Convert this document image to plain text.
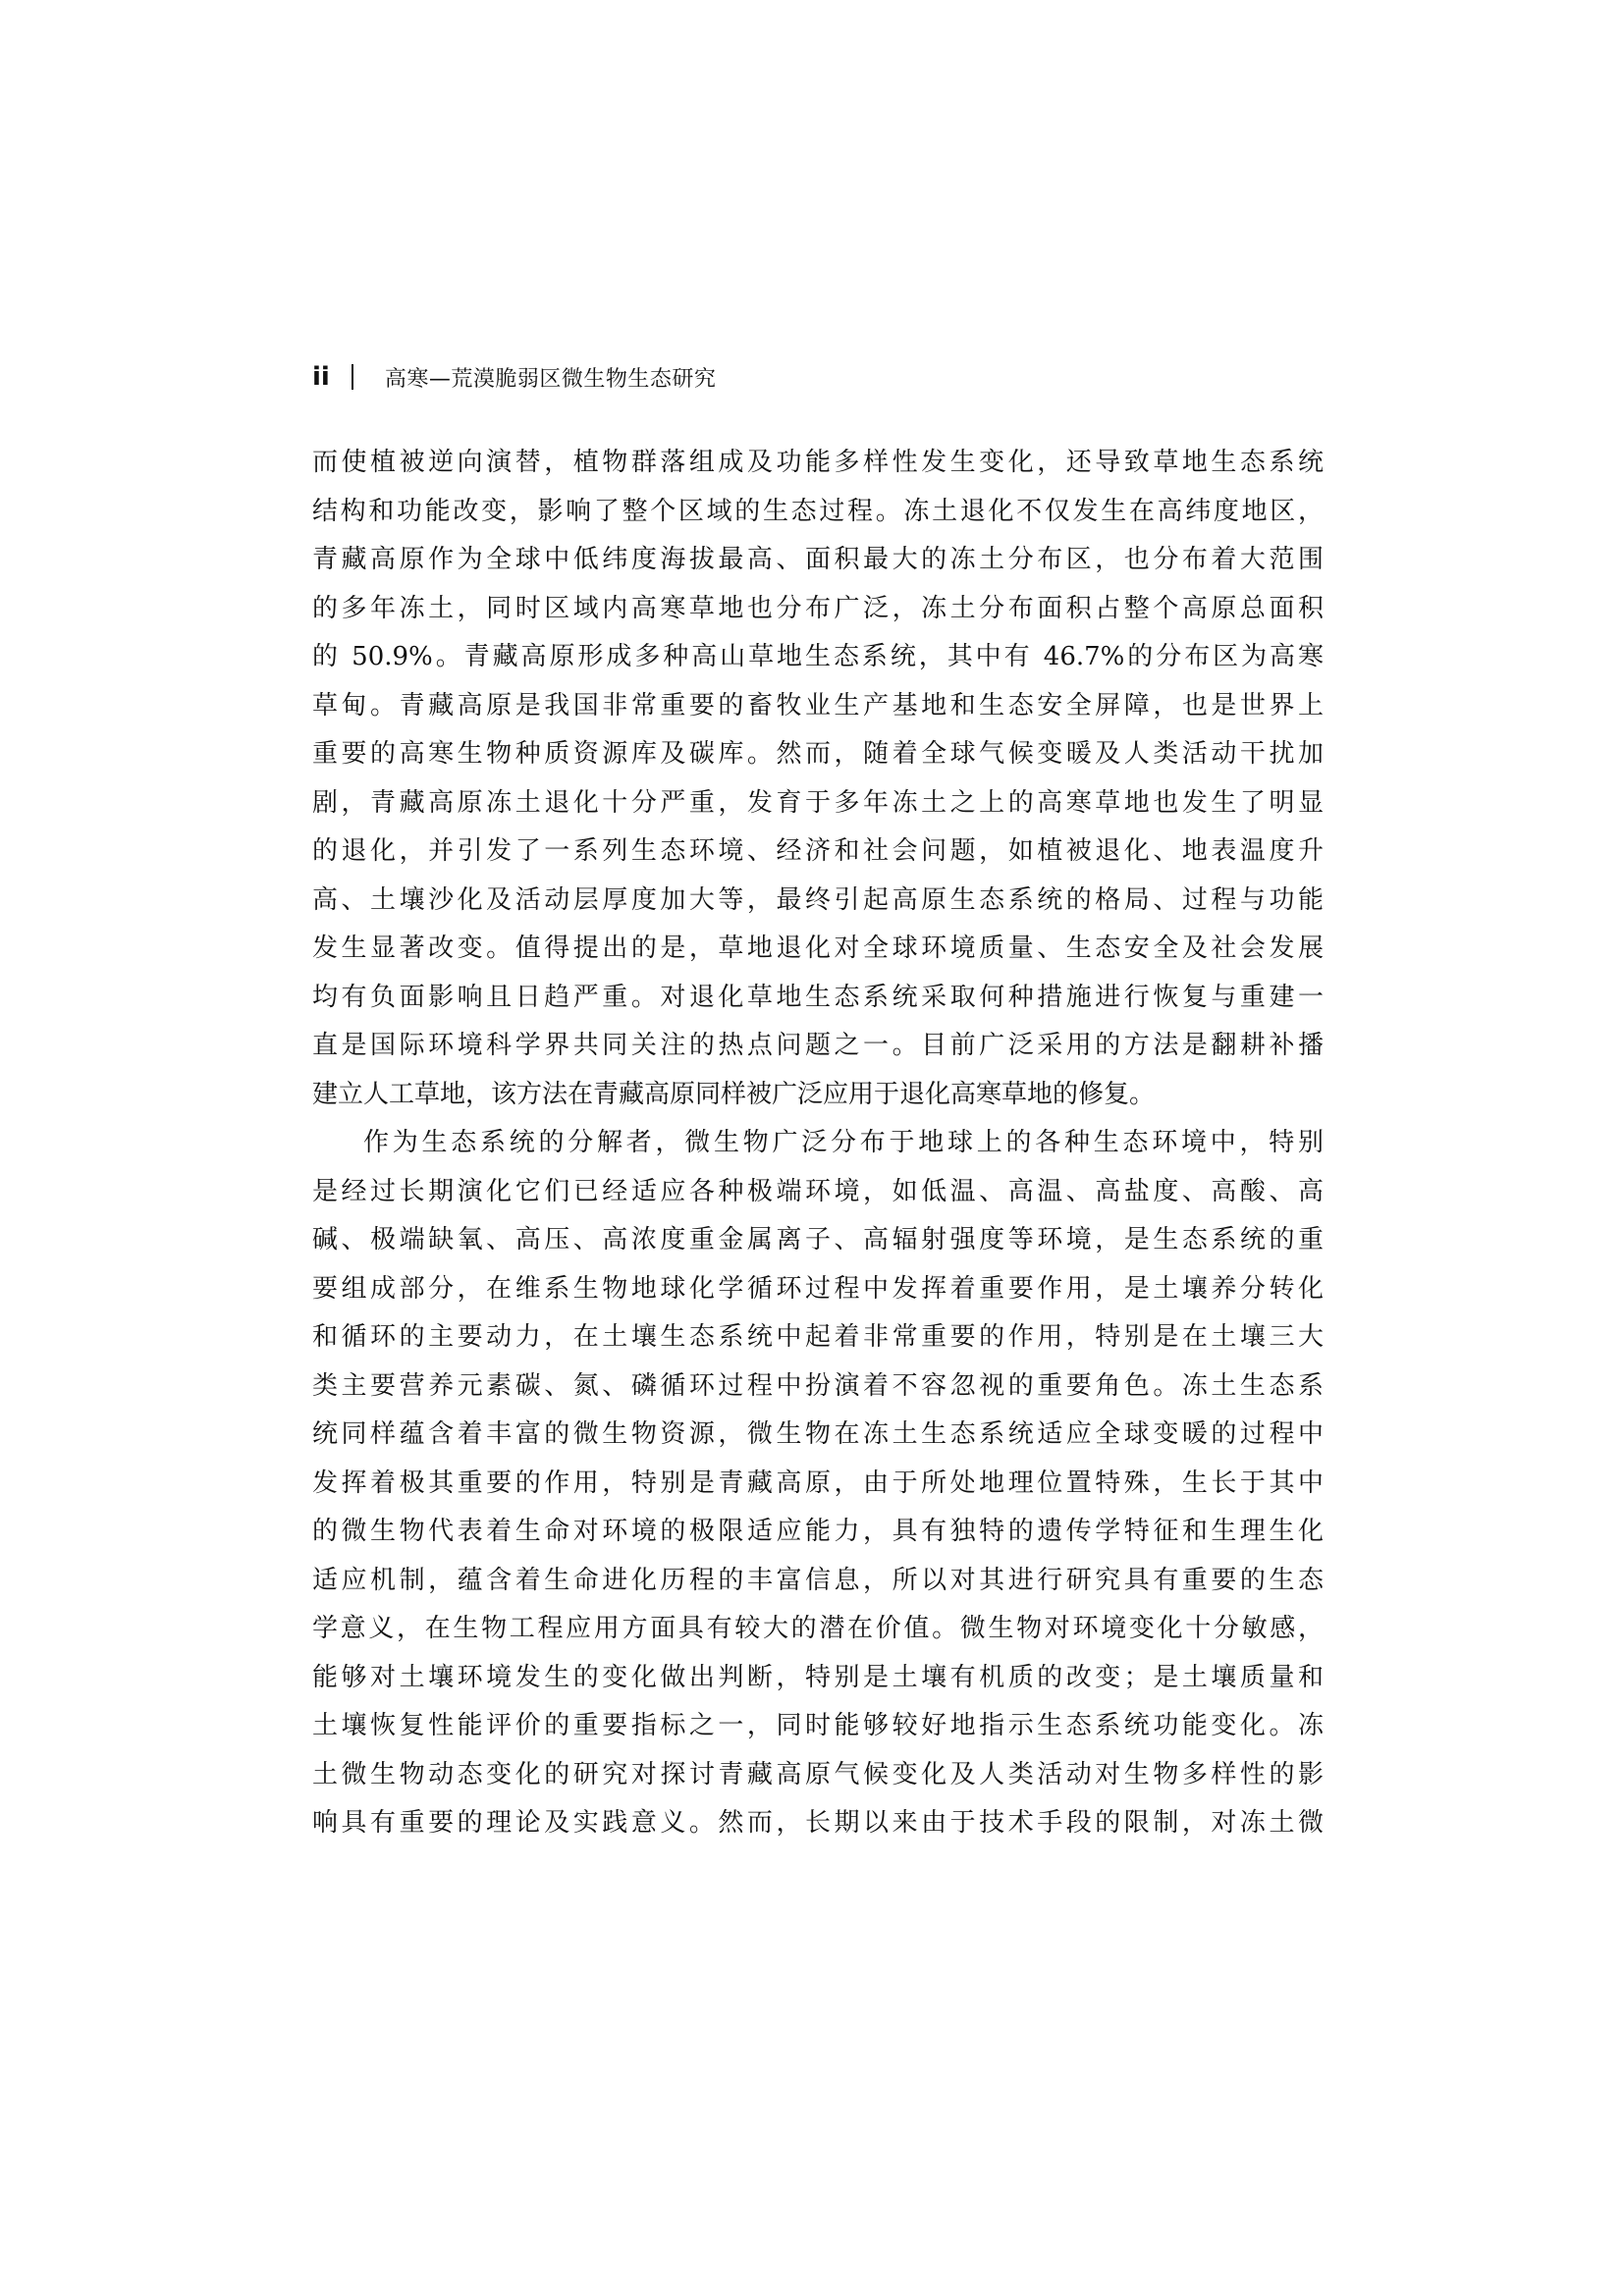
ii	高寒—荒漠脆弱区微生物生态研究
而使植被逆向演替，植物群落组成及功能多样性发生变化，还导致草地生态系统
结构和功能改变，影响了整个区域的生态过程。冻土退化不仅发生在高纬度地区，
青藏高原作为全球中低纬度海拔最高、面积最大的冻土分布区，也分布着大范围
的多年冻土，同时区域内高寒草地也分布广泛，冻土分布面积占整个高原总面积
的 50.9%。青藏高原形成多种高山草地生态系统，其中有 46.7%的分布区为高寒
草甸。青藏高原是我国非常重要的畜牧业生产基地和生态安全屏障，也是世界上
重要的高寒生物种质资源库及碳库。然而，随着全球气候变暖及人类活动干扰加
剧，青藏高原冻土退化十分严重，发育于多年冻土之上的高寒草地也发生了明显
的退化，并引发了一系列生态环境、经济和社会问题，如植被退化、地表温度升
高、土壤沙化及活动层厚度加大等，最终引起高原生态系统的格局、过程与功能
发生显著改变。值得提出的是，草地退化对全球环境质量、生态安全及社会发展
均有负面影响且日趋严重。对退化草地生态系统采取何种措施进行恢复与重建一
直是国际环境科学界共同关注的热点问题之一。目前广泛采用的方法是翻耕补播
建立人工草地，该方法在青藏高原同样被广泛应用于退化高寒草地的修复。
作为生态系统的分解者，微生物广泛分布于地球上的各种生态环境中，特别
是经过长期演化它们已经适应各种极端环境，如低温、高温、高盐度、高酸、高
碱、极端缺氧、高压、高浓度重金属离子、高辐射强度等环境，是生态系统的重
要组成部分，在维系生物地球化学循环过程中发挥着重要作用，是土壤养分转化
和循环的主要动力，在土壤生态系统中起着非常重要的作用，特别是在土壤三大
类主要营养元素碳、氮、磷循环过程中扮演着不容忽视的重要角色。冻土生态系
统同样蕴含着丰富的微生物资源，微生物在冻土生态系统适应全球变暖的过程中
发挥着极其重要的作用，特别是青藏高原，由于所处地理位置特殊，生长于其中
的微生物代表着生命对环境的极限适应能力，具有独特的遗传学特征和生理生化
适应机制，蕴含着生命进化历程的丰富信息，所以对其进行研究具有重要的生态
学意义，在生物工程应用方面具有较大的潜在价值。微生物对环境变化十分敏感，
能够对土壤环境发生的变化做出判断，特别是土壤有机质的改变；是土壤质量和
土壤恢复性能评价的重要指标之一，同时能够较好地指示生态系统功能变化。冻
土微生物动态变化的研究对探讨青藏高原气候变化及人类活动对生物多样性的影
响具有重要的理论及实践意义。然而，长期以来由于技术手段的限制，对冻土微
